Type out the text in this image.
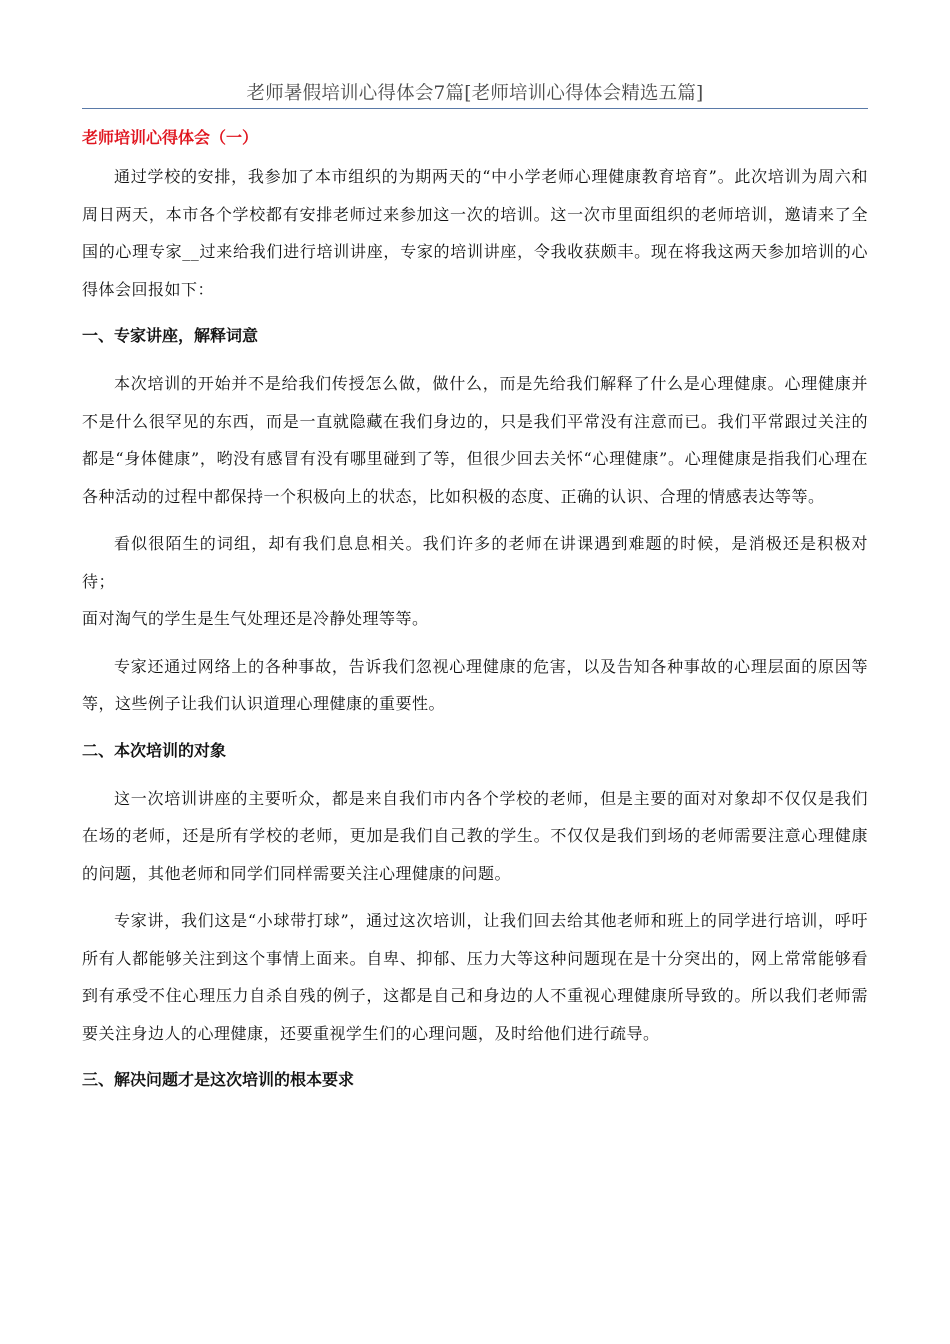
老师暑假培训心得体会7篇[老师培训心得体会精选五篇]
老师培训心得体会（一）

通过学校的安排，我参加了本市组织的为期两天的“中小学老师心理健康教育培育”。此次培训为周六和周日两天，本市各个学校都有安排老师过来参加这一次的培训。这一次市里面组织的老师培训，邀请来了全国的心理专家__过来给我们进行培训讲座，专家的培训讲座，令我收获颇丰。现在将我这两天参加培训的心得体会回报如下：

一、专家讲座，解释词意

本次培训的开始并不是给我们传授怎么做，做什么，而是先给我们解释了什么是心理健康。心理健康并不是什么很罕见的东西，而是一直就隐藏在我们身边的，只是我们平常没有注意而已。我们平常跟过关注的都是“身体健康”，哟没有感冒有没有哪里碰到了等，但很少回去关怀“心理健康”。心理健康是指我们心理在各种活动的过程中都保持一个积极向上的状态，比如积极的态度、正确的认识、合理的情感表达等等。

看似很陌生的词组，却有我们息息相关。我们许多的老师在讲课遇到难题的时候，是消极还是积极对待；

面对淘气的学生是生气处理还是冷静处理等等。

专家还通过网络上的各种事故，告诉我们忽视心理健康的危害，以及告知各种事故的心理层面的原因等等，这些例子让我们认识道理心理健康的重要性。

二、本次培训的对象

这一次培训讲座的主要听众，都是来自我们市内各个学校的老师，但是主要的面对对象却不仅仅是我们在场的老师，还是所有学校的老师，更加是我们自己教的学生。不仅仅是我们到场的老师需要注意心理健康的问题，其他老师和同学们同样需要关注心理健康的问题。

专家讲，我们这是“小球带打球”，通过这次培训，让我们回去给其他老师和班上的同学进行培训，呼吁所有人都能够关注到这个事情上面来。自卑、抑郁、压力大等这种问题现在是十分突出的，网上常常能够看到有承受不住心理压力自杀自残的例子，这都是自己和身边的人不重视心理健康所导致的。所以我们老师需要关注身边人的心理健康，还要重视学生们的心理问题，及时给他们进行疏导。

三、解决问题才是这次培训的根本要求
